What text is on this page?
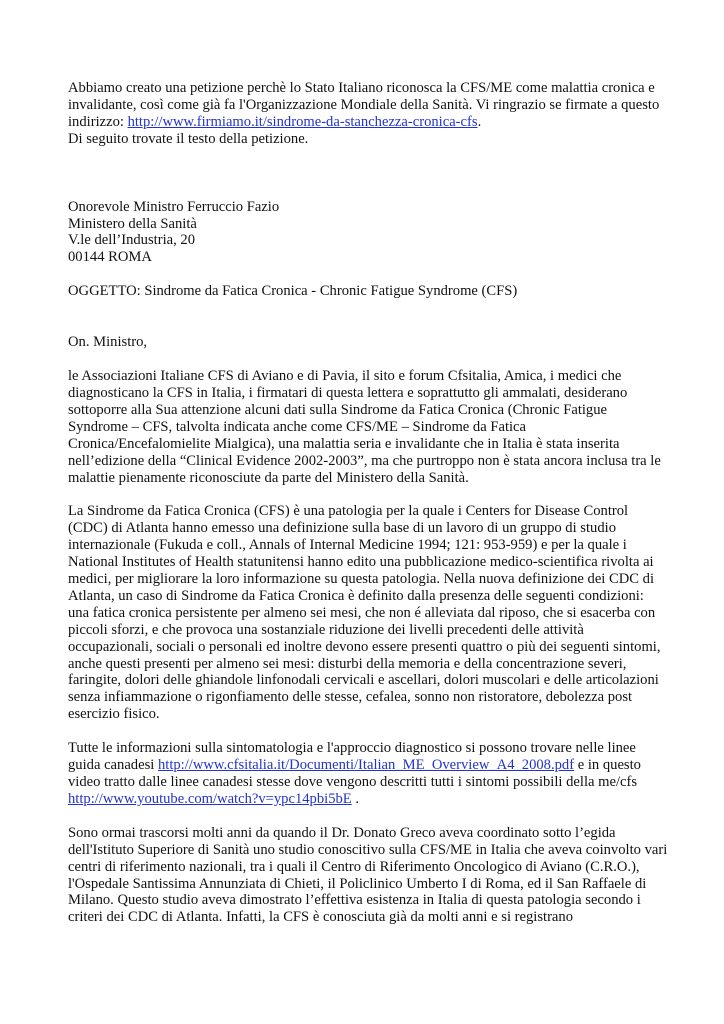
Abbiamo creato una petizione perchè lo Stato Italiano riconosca la CFS/ME come malattia cronica e invalidante, così come già fa l'Organizzazione Mondiale della Sanità. Vi ringrazio se firmate a questo indirizzo: http://www.firmiamo.it/sindrome-da-stanchezza-cronica-cfs.
Di seguito trovate il testo della petizione.

Onorevole Ministro Ferruccio Fazio
Ministero della Sanità
V.le dell’Industria, 20
00144 ROMA

OGGETTO: Sindrome da Fatica Cronica - Chronic Fatigue Syndrome (CFS)

On. Ministro,

le Associazioni Italiane CFS di Aviano e di Pavia, il sito e forum Cfsitalia, Amica, i medici che diagnosticano la CFS in Italia, i firmatari di questa lettera e soprattutto gli ammalati, desiderano sottoporre alla Sua attenzione alcuni dati sulla Sindrome da Fatica Cronica (Chronic Fatigue Syndrome – CFS, talvolta indicata anche come CFS/ME – Sindrome da Fatica Cronica/Encefalomielite Mialgica), una malattia seria e invalidante che in Italia è stata inserita nell’edizione della “Clinical Evidence 2002-2003”, ma che purtroppo non è stata ancora inclusa tra le malattie pienamente riconosciute da parte del Ministero della Sanità.

La Sindrome da Fatica Cronica (CFS) è una patologia per la quale i Centers for Disease Control (CDC) di Atlanta hanno emesso una definizione sulla base di un lavoro di un gruppo di studio internazionale (Fukuda e coll., Annals of Internal Medicine 1994; 121: 953-959) e per la quale i National Institutes of Health statunitensi hanno edito una pubblicazione medico-scientifica rivolta ai medici, per migliorare la loro informazione su questa patologia. Nella nuova definizione dei CDC di Atlanta, un caso di Sindrome da Fatica Cronica è definito dalla presenza delle seguenti condizioni: una fatica cronica persistente per almeno sei mesi, che non é alleviata dal riposo, che si esacerba con piccoli sforzi, e che provoca una sostanziale riduzione dei livelli precedenti delle attività occupazionali, sociali o personali ed inoltre devono essere presenti quattro o più dei seguenti sintomi, anche questi presenti per almeno sei mesi: disturbi della memoria e della concentrazione severi, faringite, dolori delle ghiandole linfonodali cervicali e ascellari, dolori muscolari e delle articolazioni senza infiammazione o rigonfiamento delle stesse, cefalea, sonno non ristoratore, debolezza post esercizio fisico.

Tutte le informazioni sulla sintomatologia e l'approccio diagnostico si possono trovare nelle linee guida canadesi http://www.cfsitalia.it/Documenti/Italian_ME_Overview_A4_2008.pdf e in questo video tratto dalle linee canadesi stesse dove vengono descritti tutti i sintomi possibili della me/cfs http://www.youtube.com/watch?v=ypc14pbi5bE .

Sono ormai trascorsi molti anni da quando il Dr. Donato Greco aveva coordinato sotto l’egida dell'Istituto Superiore di Sanità uno studio conoscitivo sulla CFS/ME in Italia che aveva coinvolto vari centri di riferimento nazionali, tra i quali il Centro di Riferimento Oncologico di Aviano (C.R.O.), l'Ospedale Santissima Annunziata di Chieti, il Policlinico Umberto I di Roma, ed il San Raffaele di Milano. Questo studio aveva dimostrato l’effettiva esistenza in Italia di questa patologia secondo i criteri dei CDC di Atlanta. Infatti, la CFS è conosciuta già da molti anni e si registrano
